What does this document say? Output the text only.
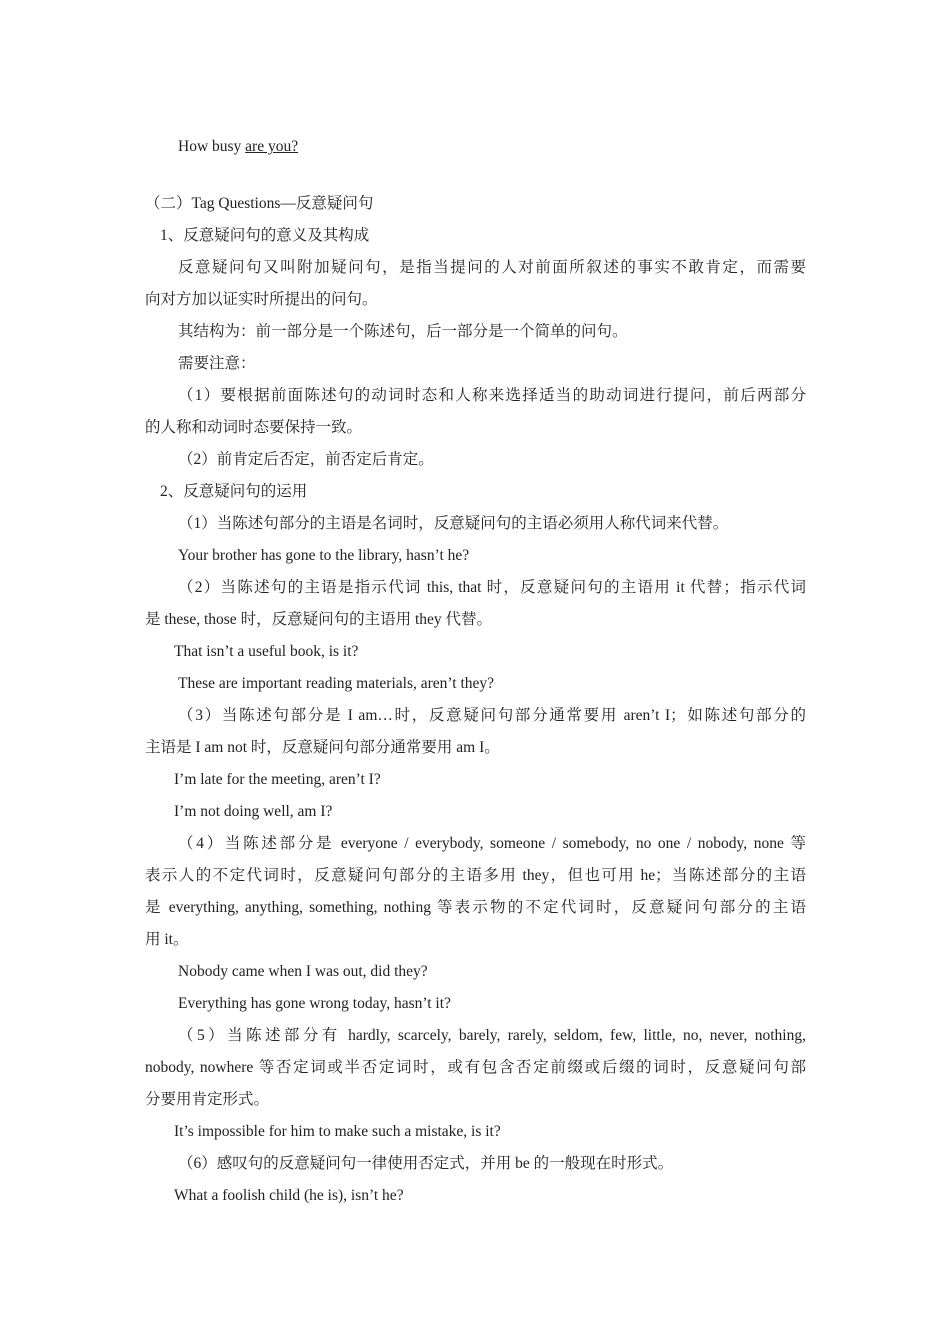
How busy are you?
（二）Tag Questions—反意疑问句
1、反意疑问句的意义及其构成
反意疑问句又叫附加疑问句，是指当提问的人对前面所叙述的事实不敢肯定，而需要
向对方加以证实时所提出的问句。
其结构为：前一部分是一个陈述句，后一部分是一个简单的问句。
需要注意：
（1）要根据前面陈述句的动词时态和人称来选择适当的助动词进行提问，前后两部分
的人称和动词时态要保持一致。
（2）前肯定后否定，前否定后肯定。
2、反意疑问句的运用
（1）当陈述句部分的主语是名词时，反意疑问句的主语必须用人称代词来代替。
Your brother has gone to the library, hasn’t he?
（2）当陈述句的主语是指示代词 this, that 时，反意疑问句的主语用 it 代替；指示代词
是 these, those 时，反意疑问句的主语用 they 代替。
That isn’t a useful book, is it?
These are important reading materials, aren’t they?
（3）当陈述句部分是 I am…时，反意疑问句部分通常要用 aren’t I；如陈述句部分的
主语是 I am not 时，反意疑问句部分通常要用 am I。
I’m late for the meeting, aren’t I?
I’m not doing well, am I?
（4）当陈述部分是 everyone / everybody, someone / somebody, no one / nobody, none 等
表示人的不定代词时，反意疑问句部分的主语多用 they，但也可用 he；当陈述部分的主语
是 everything, anything, something, nothing 等表示物的不定代词时，反意疑问句部分的主语
用 it。
Nobody came when I was out, did they?
Everything has gone wrong today, hasn’t it?
（5）当陈述部分有 hardly, scarcely, barely, rarely, seldom, few, little, no, never, nothing,
nobody, nowhere 等否定词或半否定词时，或有包含否定前缀或后缀的词时，反意疑问句部
分要用肯定形式。
It’s impossible for him to make such a mistake, is it?
（6）感叹句的反意疑问句一律使用否定式，并用 be 的一般现在时形式。
What a foolish child (he is), isn’t he?
